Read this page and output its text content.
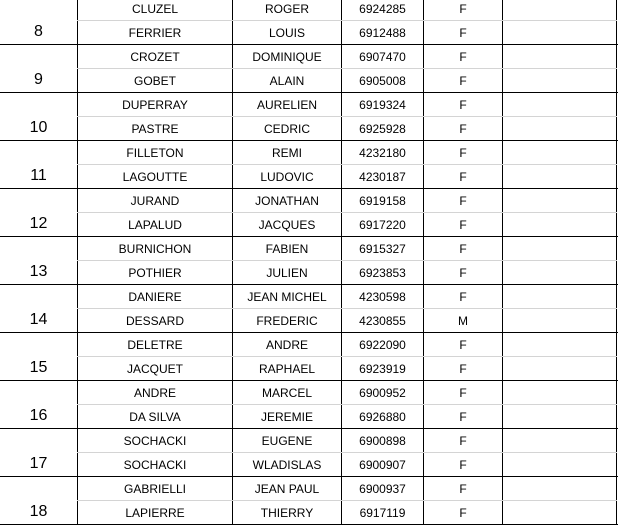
8
CLUZEL	ROGER	6924285	F
FERRIER	LOUIS	6912488	F
9
CROZET	DOMINIQUE	6907470	F
GOBET	ALAIN	6905008	F
10
DUPERRAY	AURELIEN	6919324	F
PASTRE	CEDRIC	6925928	F
11
FILLETON	REMI	4232180	F
LAGOUTTE	LUDOVIC	4230187	F
12
JURAND	JONATHAN	6919158	F
LAPALUD	JACQUES	6917220	F
13
BURNICHON	FABIEN	6915327	F
POTHIER	JULIEN	6923853	F
14
DANIERE	JEAN MICHEL	4230598	F
DESSARD	FREDERIC	4230855	M
15
DELETRE	ANDRE	6922090	F
JACQUET	RAPHAEL	6923919	F
16
ANDRE	MARCEL	6900952	F
DA SILVA	JEREMIE	6926880	F
17
SOCHACKI	EUGENE	6900898	F
SOCHACKI	WLADISLAS	6900907	F
18
GABRIELLI	JEAN PAUL	6900937	F
LAPIERRE	THIERRY	6917119	F
